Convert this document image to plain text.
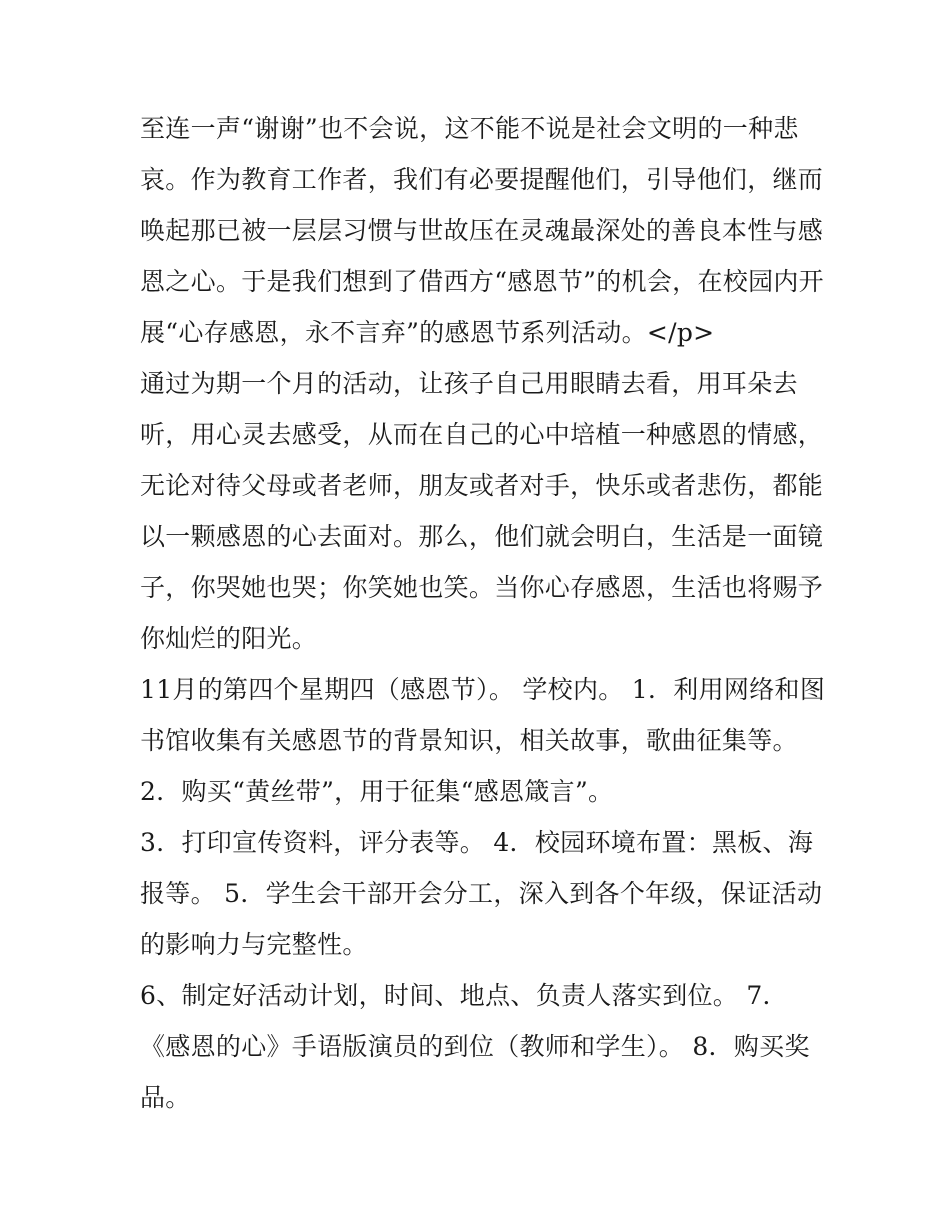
至连一声“谢谢”也不会说，这不能不说是社会文明的一种悲
哀。作为教育工作者，我们有必要提醒他们，引导他们，继而
唤起那已被一层层习惯与世故压在灵魂最深处的善良本性与感
恩之心。于是我们想到了借西方“感恩节”的机会，在校园内开
展“心存感恩，永不言弃”的感恩节系列活动。</p>

通过为期一个月的活动，让孩子自己用眼睛去看，用耳朵去
听，用心灵去感受，从而在自己的心中培植一种感恩的情感，
无论对待父母或者老师，朋友或者对手，快乐或者悲伤，都能
以一颗感恩的心去面对。那么，他们就会明白，生活是一面镜
子，你哭她也哭；你笑她也笑。当你心存感恩，生活也将赐予
你灿烂的阳光。

11月的第四个星期四（感恩节）。 学校内。 1．利用网络和图
书馆收集有关感恩节的背景知识，相关故事，歌曲征集等。

2．购买“黄丝带”，用于征集“感恩箴言”。

3．打印宣传资料，评分表等。 4．校园环境布置：黑板、海
报等。 5．学生会干部开会分工，深入到各个年级，保证活动
的影响力与完整性。

6、制定好活动计划，时间、地点、负责人落实到位。 7．
《感恩的心》手语版演员的到位（教师和学生）。 8．购买奖
品。
